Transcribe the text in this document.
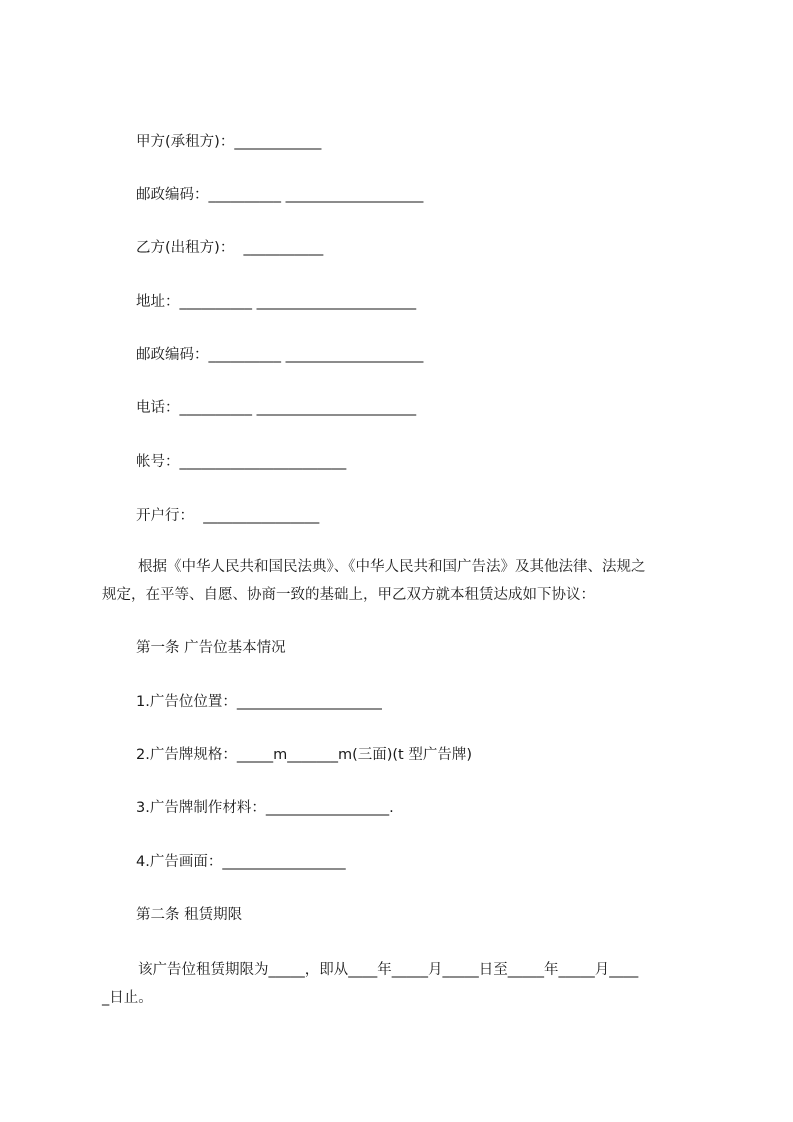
甲方(承租方)：____________
邮政编码：__________ ___________________
乙方(出租方)：  ___________
地址：__________ ______________________
邮政编码：__________ ___________________
电话：__________ ______________________
帐号：_______________________
开户行：  ________________
根据《中华人民共和国民法典》、《中华人民共和国广告法》及其他法律、法规之
规定，在平等、自愿、协商一致的基础上，甲乙双方就本租赁达成如下协议：
第一条 广告位基本情况
1.广告位位置：____________________
2.广告牌规格：_____m_______m(三面)(t 型广告牌)
3.广告牌制作材料：_________________.
4.广告画面：_________________
第二条 租赁期限
该广告位租赁期限为_____，即从____年_____月_____日至_____年_____月____
_日止。
